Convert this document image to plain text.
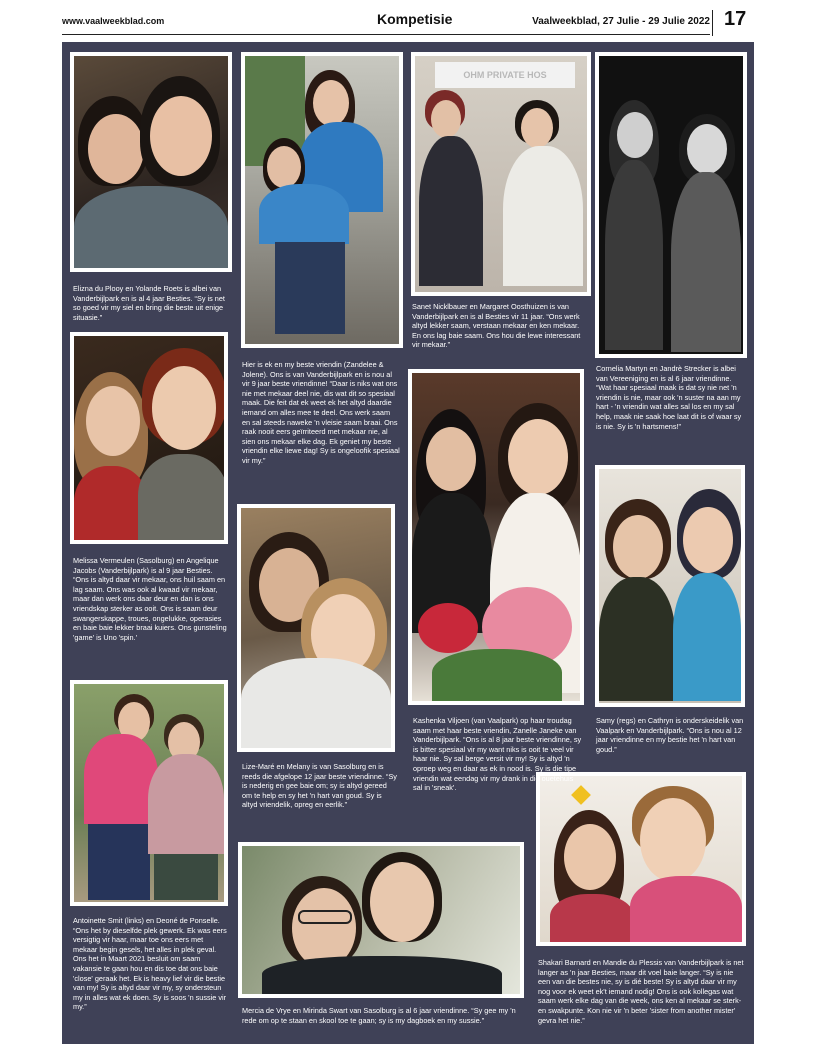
www.vaalweekblad.com	Kompetisie	Vaalweekblad, 27 Julie - 29 Julie 2022 17
OHM PRIVATE HOS
Elizna du Plooy en Yolande Roets is albei van Vanderbijlpark en is al 4 jaar Besties. “Sy is net so goed vir my siel en bring die beste uit enige situasie.”
Hier is ek en my beste vriendin (Zandelee & Jolene). Ons is van Vanderbijlpark en is nou al vir 9 jaar beste vriendinne! “Daar is niks wat ons nie met mekaar deel nie, dis wat dit so spesiaal maak. Die feit dat ek weet ek het altyd daardie iemand om alles mee te deel. Ons werk saam en sal steeds naweke 'n vleisie saam braai. Ons raak nooit eers geïrriteerd met mekaar nie, al sien ons mekaar elke dag. Ek geniet my beste vriendin elke liewe dag! Sy is ongeloofik spesiaal vir my.”
Sanet Nicklbauer en Margaret Oosthuizen is van Vanderbijlpark en is al Besties vir 11 jaar. “Ons werk altyd lekker saam, verstaan mekaar en ken mekaar. En ons lag baie saam. Ons hou die lewe interessant vir mekaar.”
Cornelia Martyn en Jandrè Strecker is albei van Vereeniging en is al 6 jaar vriendinne. “Wat haar spesiaal maak is dat sy nie net 'n vriendin is nie, maar ook 'n suster na aan my hart - 'n vriendin wat alles sal los en my sal help, maak nie saak hoe laat dit is of waar sy is nie. Sy is 'n hartsmens!”
Melissa Vermeulen (Sasolburg) en Angelique Jacobs (Vanderbijlpark) is al 9 jaar Besties. “Ons is altyd daar vir mekaar, ons huil saam en lag saam. Ons was ook al kwaad vir mekaar, maar dan werk ons daar deur en dan is ons vriendskap sterker as ooit. Ons is saam deur swangerskappe, troues, ongelukke, operasies en baie baie lekker braai kuiers. Ons gunsteling 'game' is Uno 'spin.'
Lize-Maré en Melany is van Sasolburg en is reeds die afgelope 12 jaar beste vriendinne. “Sy is nederig en gee baie om; sy is altyd gereed om te help en sy het 'n hart van goud. Sy is altyd vriendelik, opreg en eerlik.”
Kashenka Viljoen (van Vaalpark) op haar troudag saam met haar beste vriendin, Zanelle Janeke van Vanderbijlpark. “Ons is al 8 jaar beste vriendinne, sy is bitter spesiaal vir my want niks is ooit te veel vir haar nie. Sy sal berge versit vir my! Sy is altyd 'n oproep weg en daar as ek in nood is. Sy is die tipe vriendin wat eendag vir my drank in die ouetehuis sal in 'sneak'.
Samy (regs) en Cathryn is onderskeidelik van Vaalpark en Vanderbijlpark. “Ons is nou al 12 jaar vriendinne en my bestie het 'n hart van goud.”
Antoinette Smit (links) en Deoné de Ponselle. “Ons het by dieselfde plek gewerk. Ek was eers versigtig vir haar, maar toe ons eers met mekaar begin gesels, het alles in plek geval. Ons het in Maart 2021 besluit om saam vakansie te gaan hou en dis toe dat ons baie 'close' geraak het. Ek is heavy lief vir die bestie van my! Sy is altyd daar vir my, sy ondersteun my in alles wat ek doen. Sy is soos 'n sussie vir my.”	Mercia de Vrye en Mirinda Swart van Sasolburg is al 6 jaar vriendinne. “Sy gee my 'n rede om op te staan en skool toe te gaan; sy is my dagboek en my sussie.”
Shakari Barnard en Mandie du Plessis van Vanderbijlpark is net langer as 'n jaar Besties, maar dit voel baie langer. “Sy is nie een van die bestes nie, sy is dié beste! Sy is altyd daar vir my nog voor ek weet ek't iemand nodig! Ons is ook kollegas wat saam werk elke dag van die week, ons ken al mekaar se sterk- en swakpunte. Kon nie vir 'n beter 'sister from another mister' gevra het nie.”
